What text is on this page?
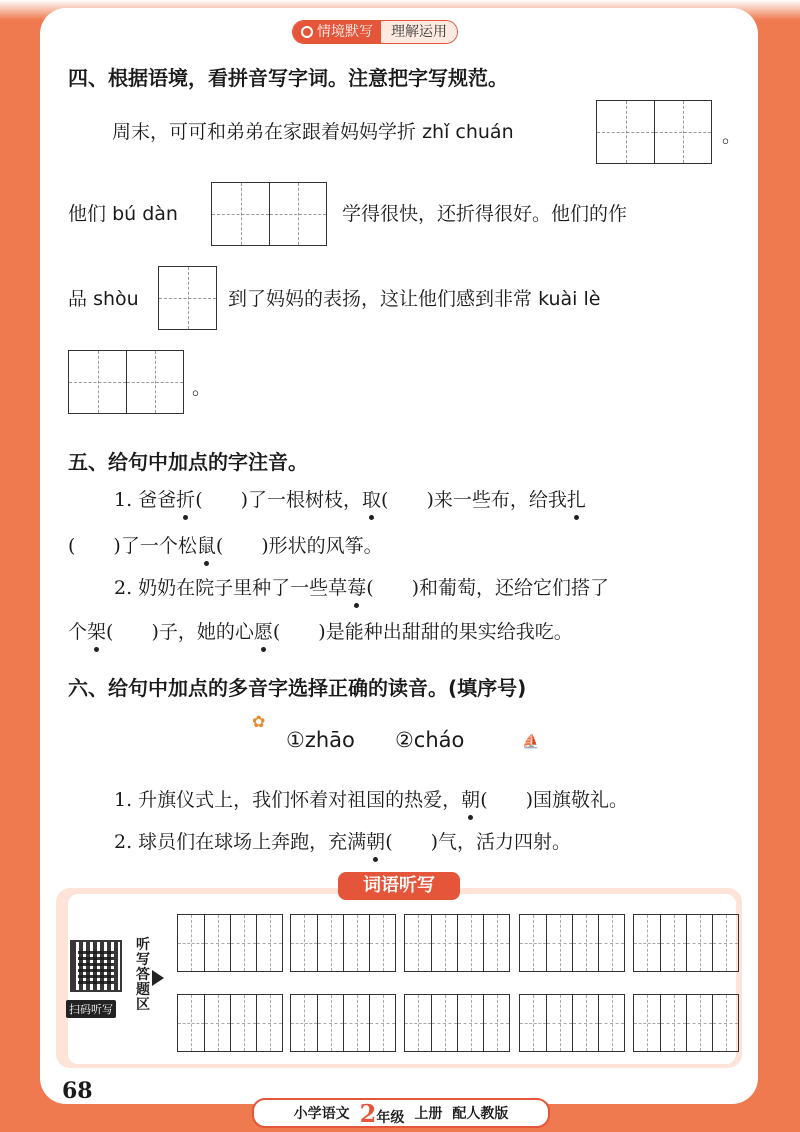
情境默写	理解运用
四、根据语境，看拼音写字词。注意把字写规范。
周末，可可和弟弟在家跟着妈妈学折 zhǐ chuán	。
他们 bú dàn	学得很快，还折得很好。他们的作
品 shòu	到了妈妈的表扬，这让他们感到非常 kuài lè
。
五、给句中加点的字注音。
1. 爸爸折(　　)了一根树枝，取(　　)来一些布，给我扎
(　　)了一个松鼠(　　)形状的风筝。
2. 奶奶在院子里种了一些草莓(　　)和葡萄，还给它们搭了
个架(　　)子，她的心愿(　　)是能种出甜甜的果实给我吃。
六、给句中加点的多音字选择正确的读音。(填序号)
✿
①zhāo ②cháo	⛵
1. 升旗仪式上，我们怀着对祖国的热爱，朝(　　)国旗敬礼。
2. 球员们在球场上奔跑，充满朝(　　)气，活力四射。
词语听写
扫码听写
听写答题区
68
小学语文 2年级 上册 配人教版
